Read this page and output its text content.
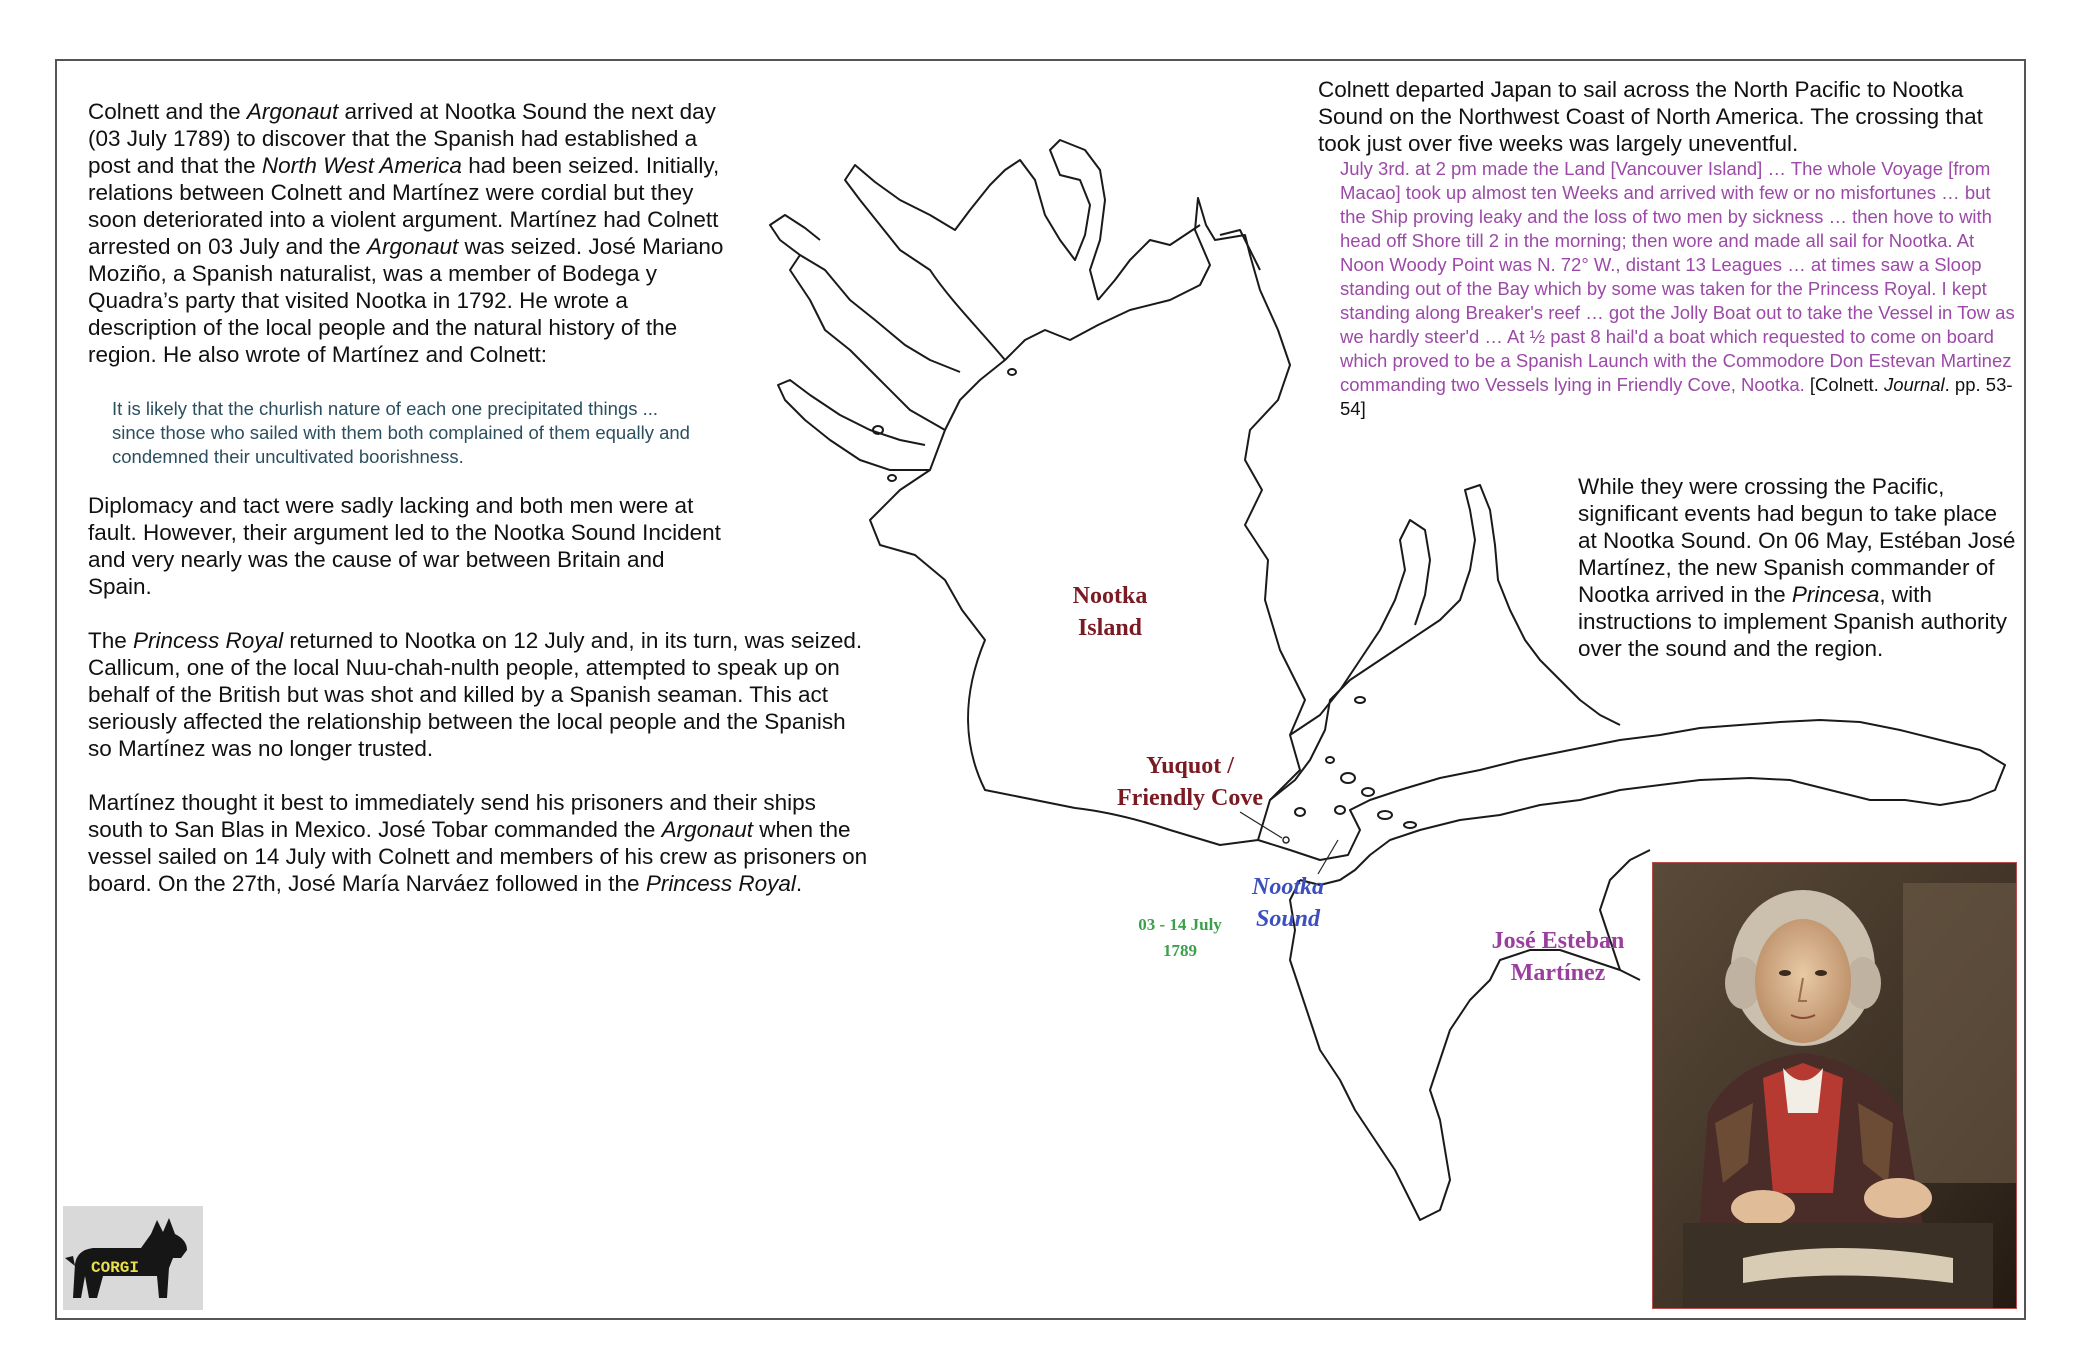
Colnett and the Argonaut arrived at Nootka Sound the next day (03 July 1789) to discover that the Spanish had established a post and that the North West America had been seized. Initially, relations between Colnett and Martínez were cordial but they soon deteriorated into a violent argument. Martínez had Colnett arrested on 03 July and the Argonaut was seized. José Mariano Moziño, a Spanish naturalist, was a member of Bodega y Quadra’s party that visited Nootka in 1792. He wrote a description of the local people and the natural history of the region. He also wrote of Martínez and Colnett:

It is likely that the churlish nature of each one precipitated things ... since those who sailed with them both complained of them equally and condemned their uncultivated boorishness.
Diplomacy and tact were sadly lacking and both men were at fault. However, their argument led to the Nootka Sound Incident and very nearly was the cause of war between Britain and Spain.

The Princess Royal returned to Nootka on 12 July and, in its turn, was seized. Callicum, one of the local Nuu-chah-nulth people, attempted to speak up on behalf of the British but was shot and killed by a Spanish seaman. This act seriously affected the relationship between the local people and the Spanish so Martínez was no longer trusted.

Martínez thought it best to immediately send his prisoners and their ships south to San Blas in Mexico. José Tobar commanded the Argonaut when the vessel sailed on 14 July with Colnett and members of his crew as prisoners on board. On the 27th, José María Narváez followed in the Princess Royal.

Colnett departed Japan to sail across the North Pacific to Nootka Sound on the Northwest Coast of North America. The crossing that took just over five weeks was largely uneventful.
July 3rd. at 2 pm made the Land [Vancouver Island] … The whole Voyage [from Macao] took up almost ten Weeks and arrived with few or no misfortunes … but the Ship proving leaky and the loss of two men by sickness … then hove to with head off Shore till 2 in the morning; then wore and made all sail for Nootka. At Noon Woody Point was N. 72° W., distant 13 Leagues … at times saw a Sloop standing out of the Bay which by some was taken for the Princess Royal. I kept standing along Breaker's reef … got the Jolly Boat out to take the Vessel in Tow as we hardly steer'd … At ½ past 8 hail'd a boat which requested to come on board which proved to be a Spanish Launch with the Commodore Don Estevan Martinez commanding two Vessels lying in Friendly Cove, Nootka. [Colnett. Journal. pp. 53-54]

While they were crossing the Pacific, significant events had begun to take place at Nootka Sound. On 06 May, Estéban José Martínez, the new Spanish commander of Nootka arrived in the Princesa, with instructions to implement Spanish authority over the sound and the region.

Nootka
Island
Yuquot /
Friendly Cove
Nootka
Sound
03 - 14 July
1789	José Esteban
Martínez
CORGI
